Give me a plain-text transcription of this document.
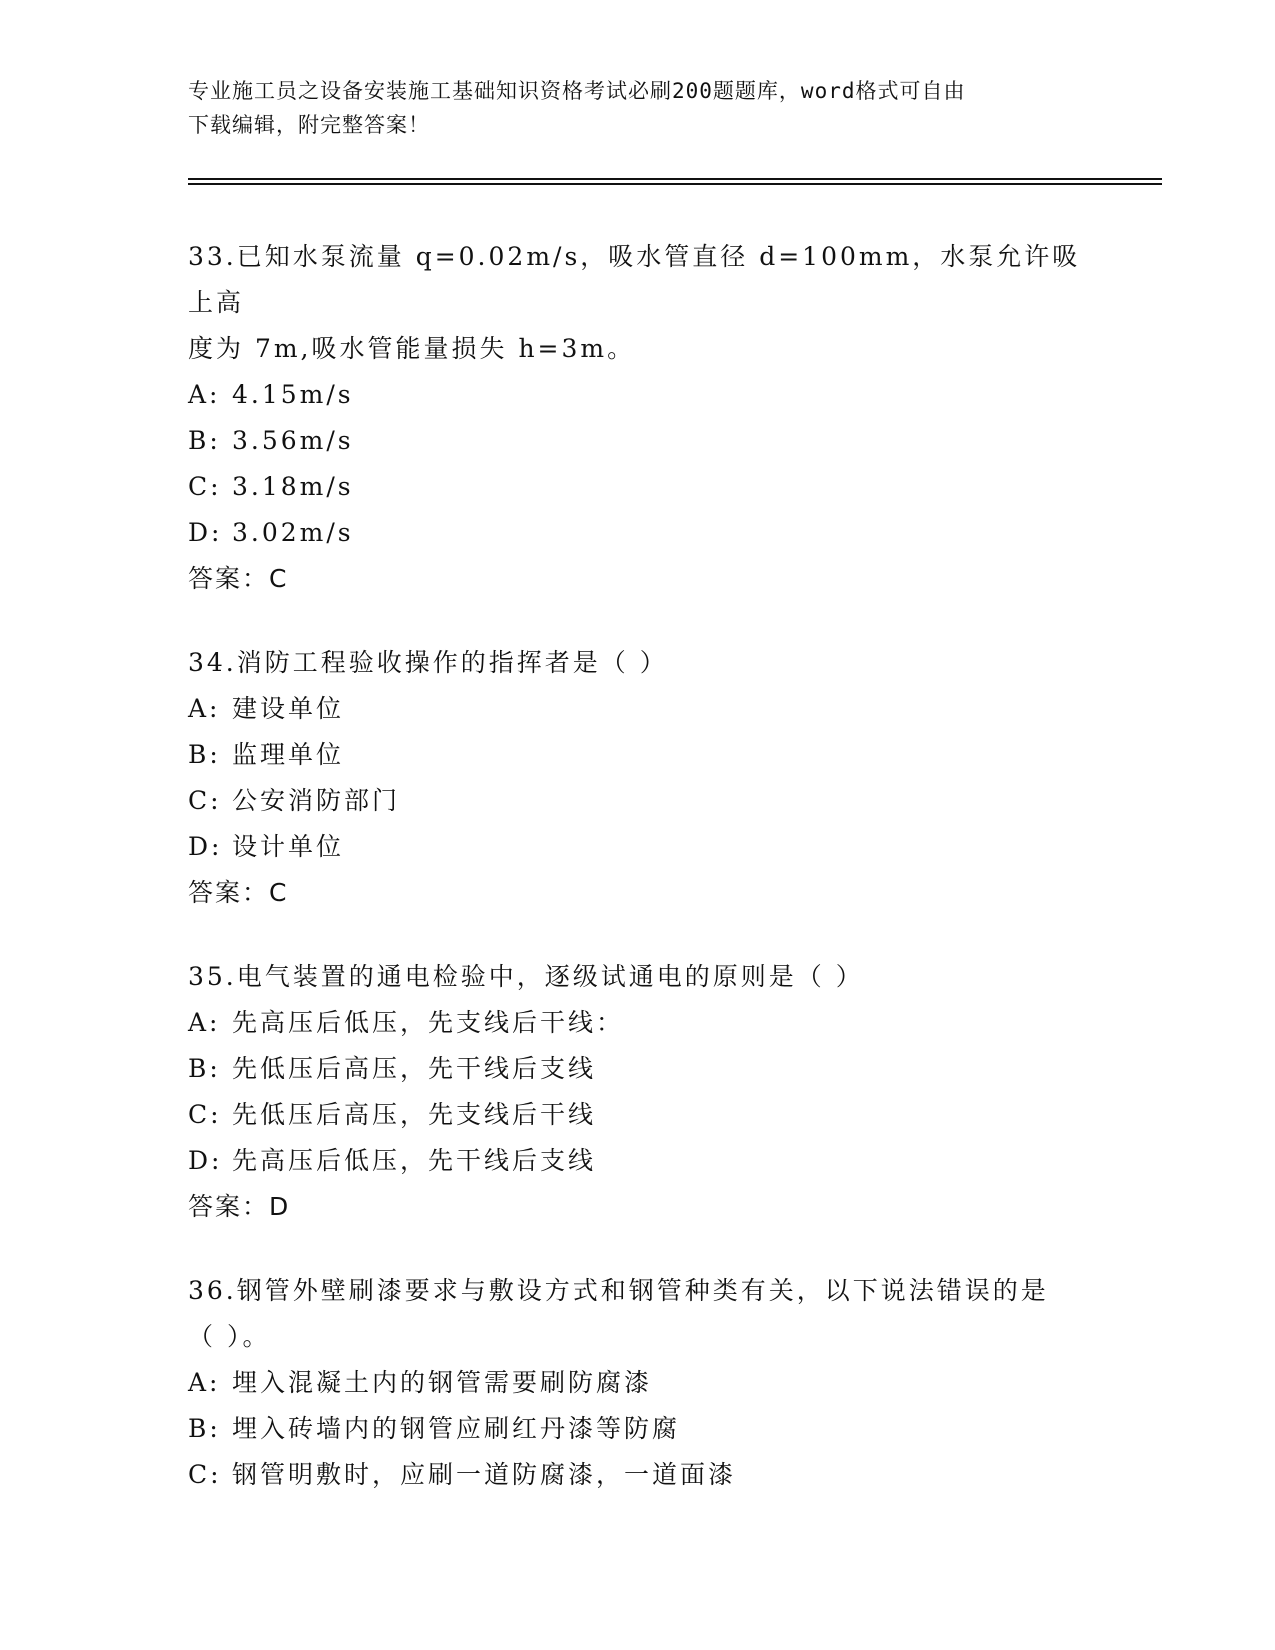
专业施工员之设备安装施工基础知识资格考试必刷200题题库，word格式可自由
下载编辑，附完整答案！
33.已知水泵流量 q=0.02m/s，吸水管直径 d=100mm，水泵允许吸上高
度为 7m,吸水管能量损失 h=3m。
A: 4.15m/s
B: 3.56m/s
C: 3.18m/s
D: 3.02m/s
答案：C
34.消防工程验收操作的指挥者是（ ）
A: 建设单位
B: 监理单位
C: 公安消防部门
D: 设计单位
答案：C
35.电气装置的通电检验中，逐级试通电的原则是（ ）
A: 先高压后低压，先支线后干线：
B: 先低压后高压，先干线后支线
C: 先低压后高压，先支线后干线
D: 先高压后低压，先干线后支线
答案：D
36.钢管外壁刷漆要求与敷设方式和钢管种类有关，以下说法错误的是
（ ）。
A: 埋入混凝土内的钢管需要刷防腐漆
B: 埋入砖墙内的钢管应刷红丹漆等防腐
C: 钢管明敷时，应刷一道防腐漆，一道面漆
